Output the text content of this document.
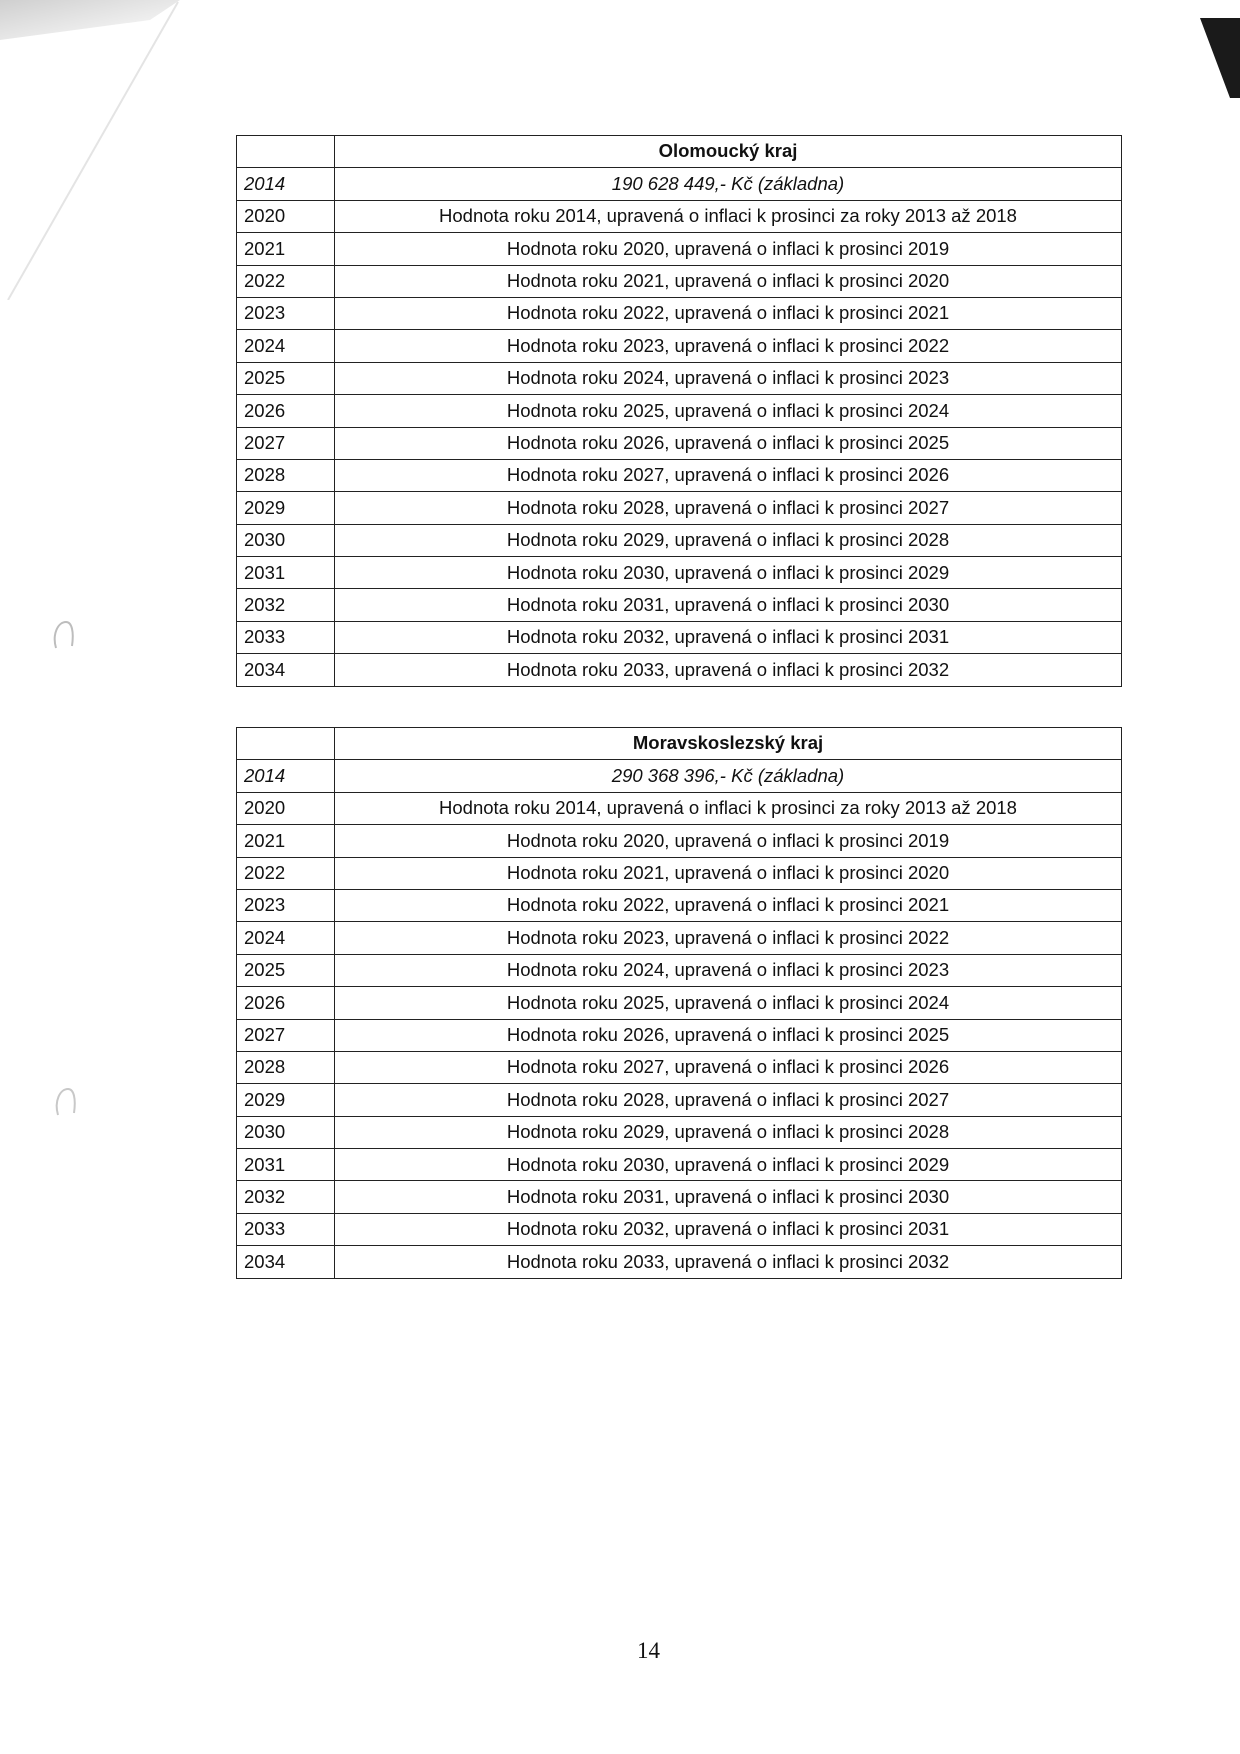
	Olomoucký kraj
2014	190 628 449,- Kč (základna)
2020	Hodnota roku 2014, upravená o inflaci k prosinci za roky 2013 až 2018
2021	Hodnota roku 2020, upravená o inflaci k prosinci 2019
2022	Hodnota roku 2021, upravená o inflaci k prosinci 2020
2023	Hodnota roku 2022, upravená o inflaci k prosinci 2021
2024	Hodnota roku 2023, upravená o inflaci k prosinci 2022
2025	Hodnota roku 2024, upravená o inflaci k prosinci 2023
2026	Hodnota roku 2025, upravená o inflaci k prosinci 2024
2027	Hodnota roku 2026, upravená o inflaci k prosinci 2025
2028	Hodnota roku 2027, upravená o inflaci k prosinci 2026
2029	Hodnota roku 2028, upravená o inflaci k prosinci 2027
2030	Hodnota roku 2029, upravená o inflaci k prosinci 2028
2031	Hodnota roku 2030, upravená o inflaci k prosinci 2029
2032	Hodnota roku 2031, upravená o inflaci k prosinci 2030
2033	Hodnota roku 2032, upravená o inflaci k prosinci 2031
2034	Hodnota roku 2033, upravená o inflaci k prosinci 2032
	Moravskoslezský kraj
2014	290 368 396,- Kč (základna)
2020	Hodnota roku 2014, upravená o inflaci k prosinci za roky 2013 až 2018
2021	Hodnota roku 2020, upravená o inflaci k prosinci 2019
2022	Hodnota roku 2021, upravená o inflaci k prosinci 2020
2023	Hodnota roku 2022, upravená o inflaci k prosinci 2021
2024	Hodnota roku 2023, upravená o inflaci k prosinci 2022
2025	Hodnota roku 2024, upravená o inflaci k prosinci 2023
2026	Hodnota roku 2025, upravená o inflaci k prosinci 2024
2027	Hodnota roku 2026, upravená o inflaci k prosinci 2025
2028	Hodnota roku 2027, upravená o inflaci k prosinci 2026
2029	Hodnota roku 2028, upravená o inflaci k prosinci 2027
2030	Hodnota roku 2029, upravená o inflaci k prosinci 2028
2031	Hodnota roku 2030, upravená o inflaci k prosinci 2029
2032	Hodnota roku 2031, upravená o inflaci k prosinci 2030
2033	Hodnota roku 2032, upravená o inflaci k prosinci 2031
2034	Hodnota roku 2033, upravená o inflaci k prosinci 2032
14
